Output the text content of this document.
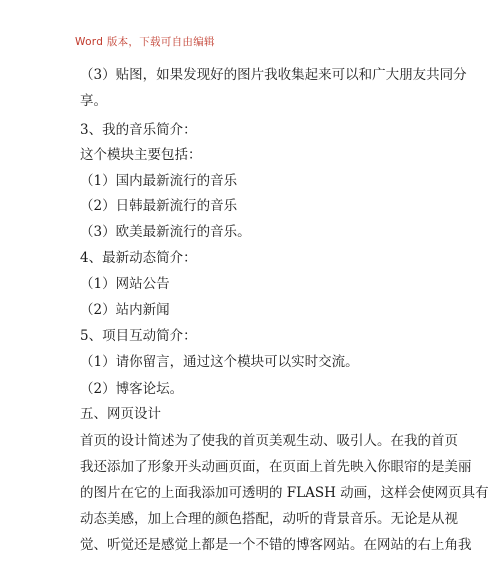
Word 版本，下载可自由编辑
（3）贴图，如果发现好的图片我收集起来可以和广大朋友共同分
享。
3、我的音乐简介：
这个模块主要包括：
（1）国内最新流行的音乐
（2）日韩最新流行的音乐
（3）欧美最新流行的音乐。
4、最新动态简介：
（1）网站公告
（2）站内新闻
5、项目互动简介：
（1）请你留言，通过这个模块可以实时交流。
（2）博客论坛。
五、网页设计
首页的设计简述为了使我的首页美观生动、吸引人。在我的首页
我还添加了形象开头动画页面，在页面上首先映入你眼帘的是美丽
的图片在它的上面我添加可透明的 FLASH 动画，这样会使网页具有
动态美感，加上合理的颜色搭配，动听的背景音乐。无论是从视
觉、听觉还是感觉上都是一个不错的博客网站。在网站的右上角我
